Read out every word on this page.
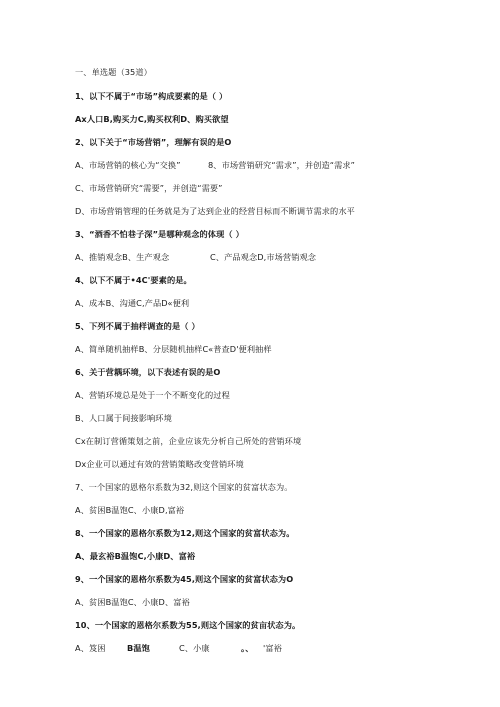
一、单选题（35道）
1、以下不属于“市场”构成要素的是（ ）
Ax人口B,购买力C,购买权利D、购买欲望
2、以下关于“市场营销”，理解有误的是O
A、市场营销的核心为“交换”	8、市场营销研究“需求”，并创造“需求”
C、市场营销研究“需要”，并创造“需要”
D、市场营销管理的任务就是为了达到企业的经营目标而不断调节需求的水平
3、“酒香不怕巷子深”是哪种观念的体现（ ）
A、推销观念B、生产观念	C、产品观念D,市场营销观念
4、以下不属于•4C'要素的是。
A、成本B、沟通C,产品D«便利
5、下列不属于抽样调查的是（ ）
A、简单随机抽样B、分层随机抽样C«普查D'便利抽样
6、关于营耦环境，以下表述有误的是O
A、营销环境总是处于一个不断变化的过程
B、人口属于间接影响环境
Cx在制订营循策划之前，企业应该先分析自己所处的营销环境
Dx企业可以通过有效的营销策略改变营销环境
7、一个国家的恩格尔系数为32,则这个国家的贫富状态为。
A、贫困B温饱C、小康D,富裕
8、一个国家的恩格尔系数为12,则这个国家的贫富状态为。
A、最玄裕B温饱C,小康D、富裕
9、一个国家的恩格尔系数为45,则这个国家的贫富状态为O
A、贫困B温饱C、小康D、富裕
10、一个国家的恩格尔系数为55,则这个国家的贫亩状态为。
A、笈困	B温饱	C、小康	。、 '富裕
